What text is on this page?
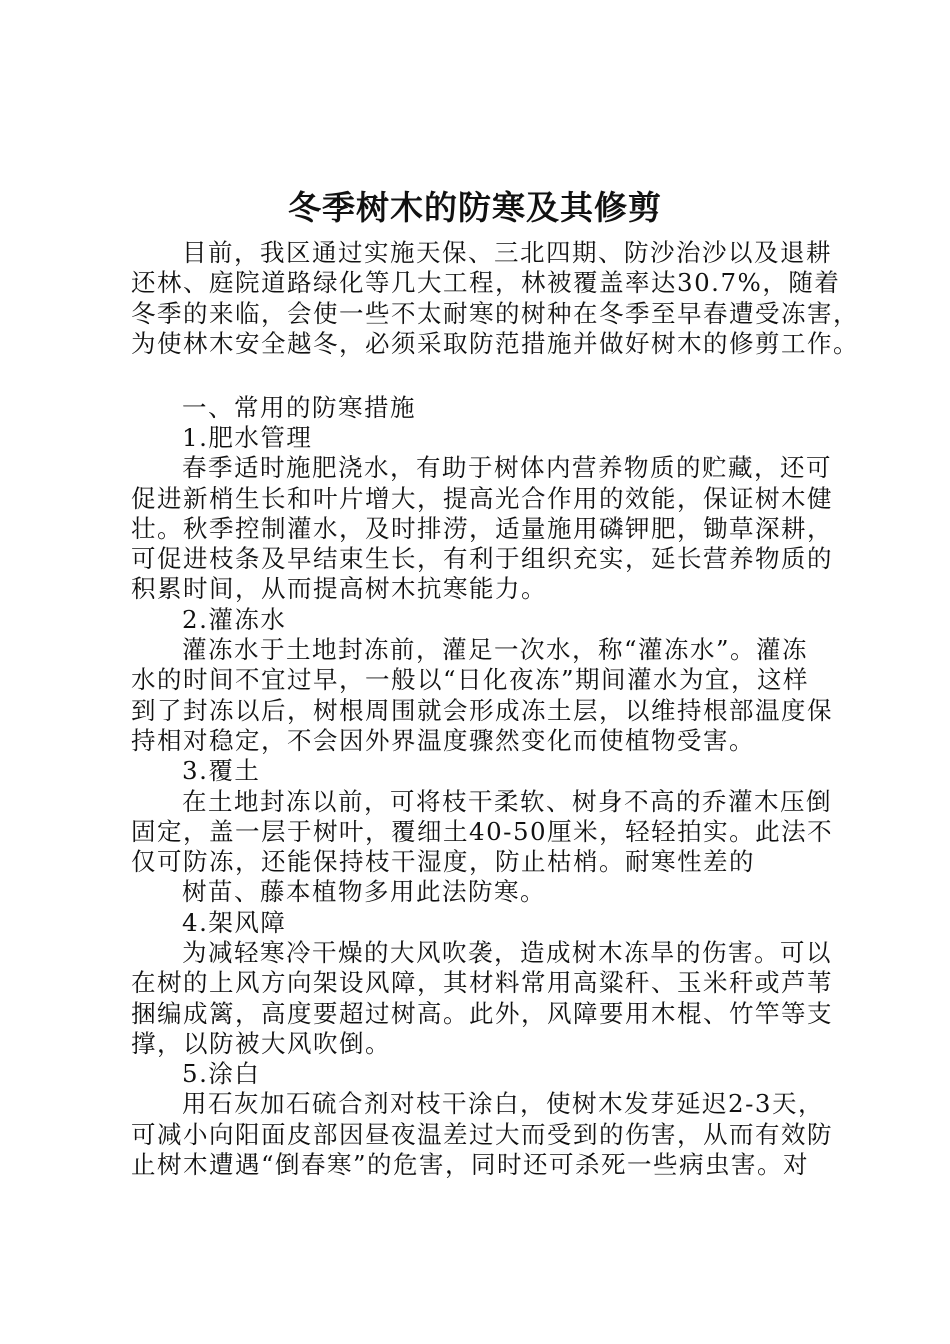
冬季树木的防寒及其修剪
目前，我区通过实施天保、三北四期、防沙治沙以及退耕
还林、庭院道路绿化等几大工程，林被覆盖率达30.7%，随着
冬季的来临，会使一些不太耐寒的树种在冬季至早春遭受冻害，
为使林木安全越冬，必须采取防范措施并做好树木的修剪工作。
一、常用的防寒措施
1.肥水管理
春季适时施肥浇水，有助于树体内营养物质的贮藏，还可
促进新梢生长和叶片增大，提高光合作用的效能，保证树木健
壮。秋季控制灌水，及时排涝，适量施用磷钾肥，锄草深耕，
可促进枝条及早结束生长，有利于组织充实，延长营养物质的
积累时间，从而提高树木抗寒能力。
2.灌冻水
灌冻水于土地封冻前，灌足一次水，称“灌冻水”。灌冻
水的时间不宜过早，一般以“日化夜冻”期间灌水为宜，这样
到了封冻以后，树根周围就会形成冻土层，以维持根部温度保
持相对稳定，不会因外界温度骤然变化而使植物受害。
3.覆土
在土地封冻以前，可将枝干柔软、树身不高的乔灌木压倒
固定，盖一层于树叶，覆细土40-50厘米，轻轻拍实。此法不
仅可防冻，还能保持枝干湿度，防止枯梢。耐寒性差的
树苗、藤本植物多用此法防寒。
4.架风障
为减轻寒冷干燥的大风吹袭，造成树木冻旱的伤害。可以
在树的上风方向架设风障，其材料常用高粱秆、玉米秆或芦苇
捆编成篱，高度要超过树高。此外，风障要用木棍、竹竿等支
撑，以防被大风吹倒。
5.涂白
用石灰加石硫合剂对枝干涂白，使树木发芽延迟2-3天，
可减小向阳面皮部因昼夜温差过大而受到的伤害，从而有效防
止树木遭遇“倒春寒”的危害，同时还可杀死一些病虫害。对
